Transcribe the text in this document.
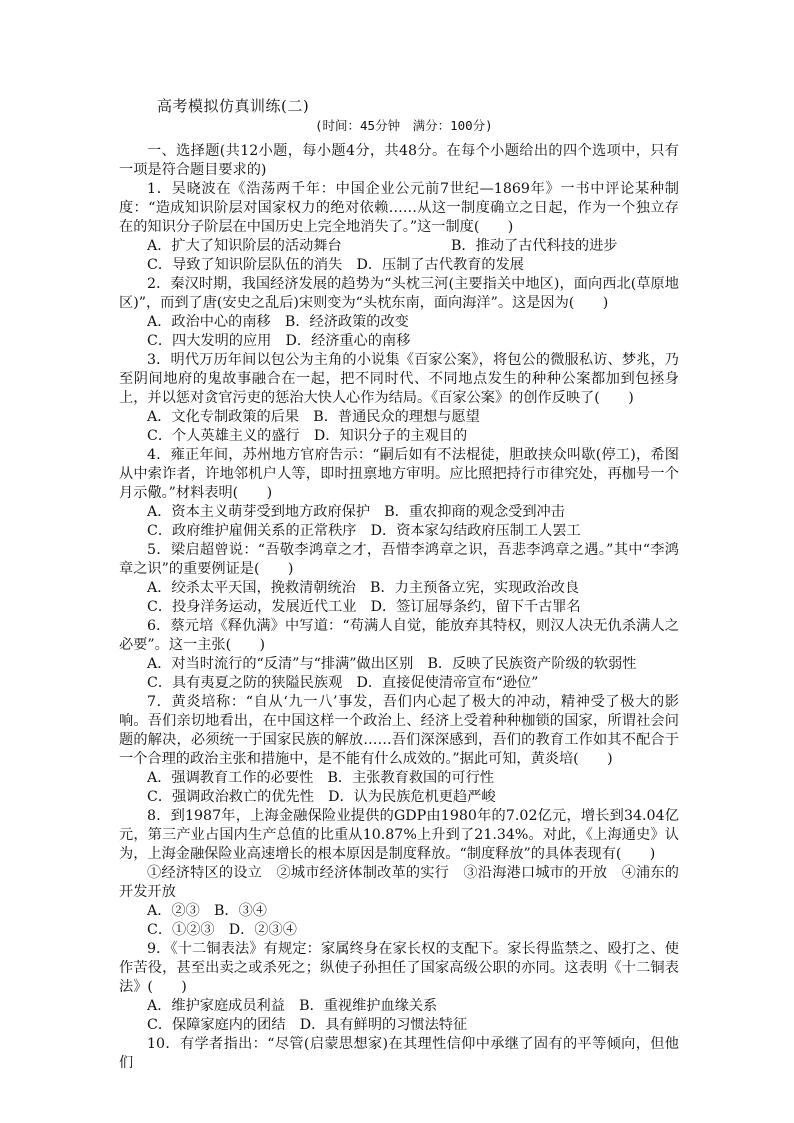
高考模拟仿真训练(二)
(时间：45分钟　满分：100分)

一、选择题(共12小题，每小题4分，共48分。在每个小题给出的四个选项中，只有一项是符合题目要求的)

1．吴晓波在《浩荡两千年：中国企业公元前7世纪—1869年》一书中评论某种制度：“造成知识阶层对国家权力的绝对依赖……从这一制度确立之日起，作为一个独立存在的知识分子阶层在中国历史上完全地消失了。”这一制度(　　)

A．扩大了知识阶层的活动舞台	B．推动了古代科技的进步

C．导致了知识阶层队伍的消失　D．压制了古代教育的发展

2．秦汉时期，我国经济发展的趋势为“头枕三河(主要指关中地区)，面向西北(草原地区)”，而到了唐(安史之乱后)宋则变为“头枕东南，面向海洋”。这是因为(　　)

A．政治中心的南移　B．经济政策的改变

C．四大发明的应用　D．经济重心的南移

3．明代万历年间以包公为主角的小说集《百家公案》，将包公的微服私访、梦兆，乃至阴间地府的鬼故事融合在一起，把不同时代、不同地点发生的种种公案都加到包拯身上，并以惩对贪官污吏的惩治大快人心作为结局。《百家公案》的创作反映了(　　)

A．文化专制政策的后果　B．普通民众的理想与愿望

C．个人英雄主义的盛行　D．知识分子的主观目的

4．雍正年间，苏州地方官府告示：“嗣后如有不法棍徒，胆敢挟众叫歇(停工)，希图从中索诈者，许地邻机户人等，即时扭禀地方审明。应比照把持行市律究处，再枷号一个月示儆。”材料表明(　　)

A．资本主义萌芽受到地方政府保护　B．重农抑商的观念受到冲击

C．政府维护雇佣关系的正常秩序　D．资本家勾结政府压制工人罢工

5．梁启超曾说：“吾敬李鸿章之才，吾惜李鸿章之识，吾悲李鸿章之遇。”其中“李鸿章之识”的重要例证是(　　)

A．绞杀太平天国，挽救清朝统治　B．力主预备立宪，实现政治改良

C．投身洋务运动，发展近代工业　D．签订屈辱条约，留下千古罪名

6．蔡元培《释仇满》中写道：“苟满人自觉，能放弃其特权，则汉人决无仇杀满人之必要”。这一主张(　　)

A．对当时流行的“反清”与“排满”做出区别　B．反映了民族资产阶级的软弱性

C．具有夷夏之防的狭隘民族观　D．直接促使清帝宣布“逊位”

7．黄炎培称：“自从‘九一八’事发，吾们内心起了极大的冲动，精神受了极大的影响。吾们亲切地看出，在中国这样一个政治上、经济上受着种种枷锁的国家，所谓社会问题的解决，必须统一于国家民族的解放……吾们深深感到，吾们的教育工作如其不配合于一个合理的政治主张和措施中，是不能有什么成效的。”据此可知，黄炎培(　　)

A．强调教育工作的必要性　B．主张教育救国的可行性

C．强调政治救亡的优先性　D．认为民族危机更趋严峻

8．到1987年，上海金融保险业提供的GDP由1980年的7.02亿元，增长到34.04亿元，第三产业占国内生产总值的比重从10.87%上升到了21.34%。对此，《上海通史》认为，上海金融保险业高速增长的根本原因是制度释放。“制度释放”的具体表现有(　　)

①经济特区的设立　②城市经济体制改革的实行　③沿海港口城市的开放　④浦东的开发开放

A．②③　B．③④

C．①②③　D．②③④

9．《十二铜表法》有规定：家属终身在家长权的支配下。家长得监禁之、殴打之、使作苦役，甚至出卖之或杀死之；纵使子孙担任了国家高级公职的亦同。这表明《十二铜表法》(　　)

A．维护家庭成员利益　B．重视维护血缘关系

C．保障家庭内的团结　D．具有鲜明的习惯法特征

10．有学者指出：“尽管(启蒙思想家)在其理性信仰中承继了固有的平等倾向，但他们
